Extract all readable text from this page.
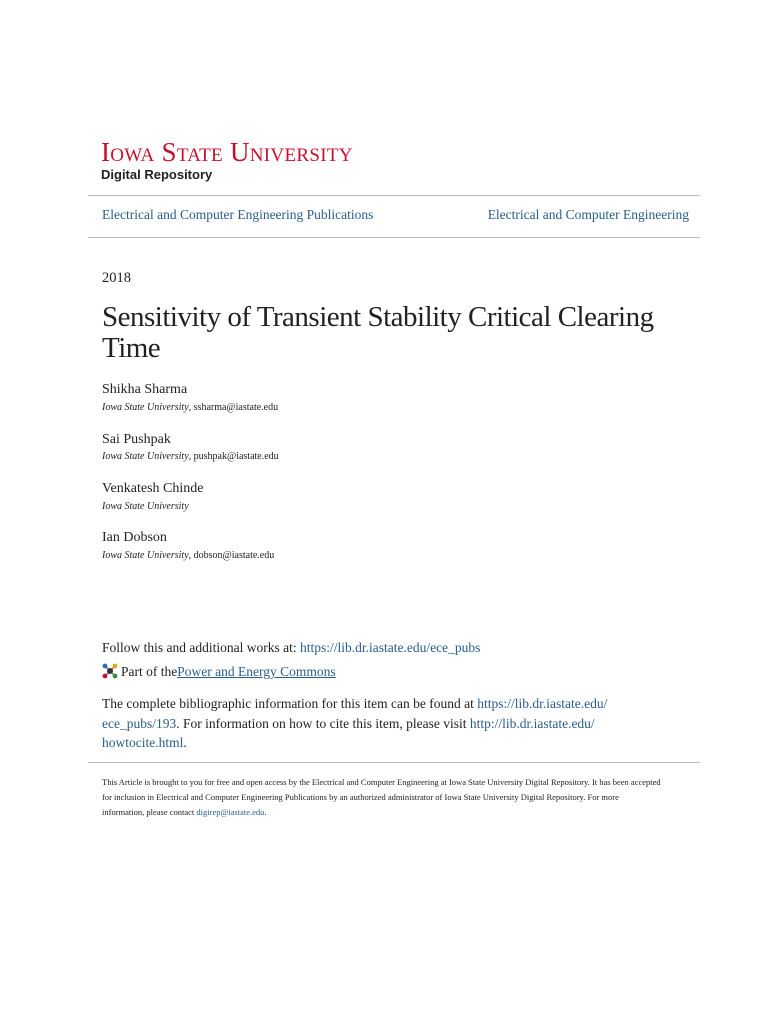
Iowa State University
Digital Repository
Electrical and Computer Engineering Publications	Electrical and Computer Engineering
2018
Sensitivity of Transient Stability Critical Clearing Time
Shikha Sharma
Iowa State University, ssharma@iastate.edu
Sai Pushpak
Iowa State University, pushpak@iastate.edu
Venkatesh Chinde
Iowa State University
Ian Dobson
Iowa State University, dobson@iastate.edu
Follow this and additional works at: https://lib.dr.iastate.edu/ece_pubs
Part of the Power and Energy Commons
The complete bibliographic information for this item can be found at https://lib.dr.iastate.edu/
ece_pubs/193. For information on how to cite this item, please visit http://lib.dr.iastate.edu/
howtocite.html.
This Article is brought to you for free and open access by the Electrical and Computer Engineering at Iowa State University Digital Repository. It has been accepted for inclusion in Electrical and Computer Engineering Publications by an authorized administrator of Iowa State University Digital Repository. For more information, please contact digirep@iastate.edu.
